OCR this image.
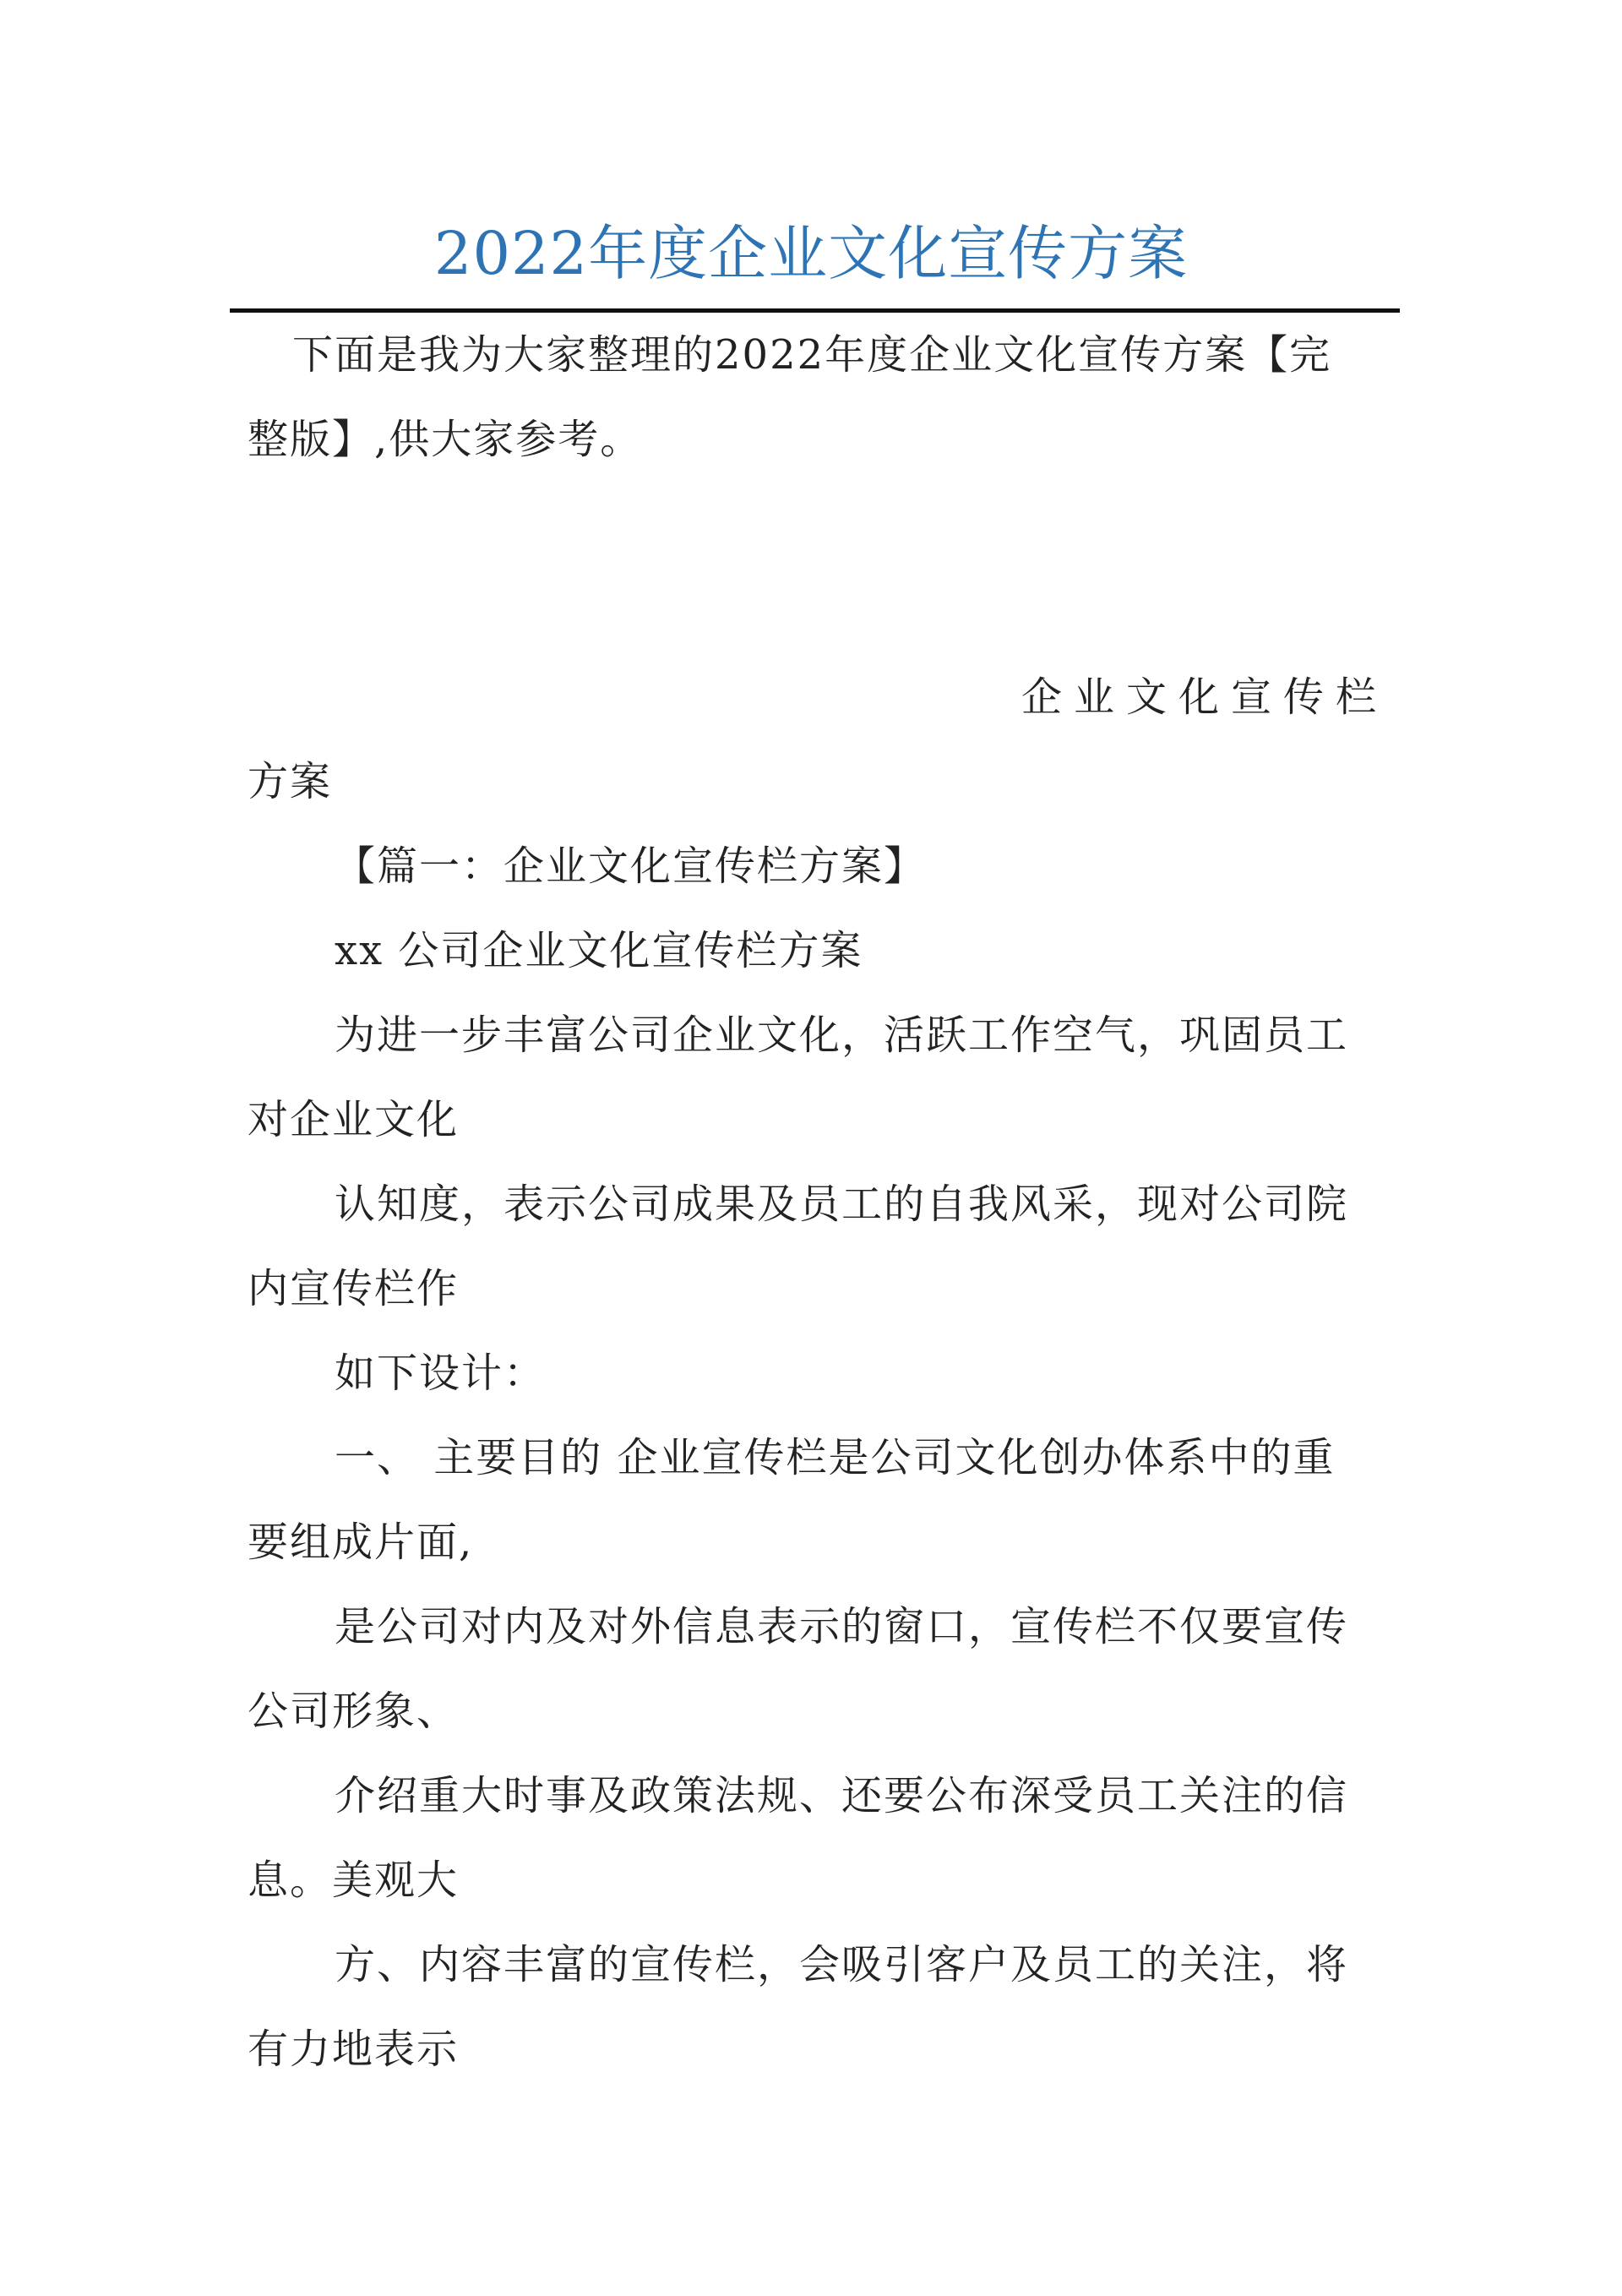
2022年度企业文化宣传方案
下面是我为大家整理的2022年度企业文化宣传方案【完
整版】,供大家参考。
企业文化宣传栏
方案
【篇一：企业文化宣传栏方案】
xx 公司企业文化宣传栏方案
为进一步丰富公司企业文化，活跃工作空气，巩固员工
对企业文化
认知度，表示公司成果及员工的自我风采，现对公司院
内宣传栏作
如下设计：
一、 主要目的 企业宣传栏是公司文化创办体系中的重
要组成片面,
是公司对内及对外信息表示的窗口，宣传栏不仅要宣传
公司形象、
介绍重大时事及政策法规、还要公布深受员工关注的信
息。美观大
方、内容丰富的宣传栏，会吸引客户及员工的关注，将
有力地表示
